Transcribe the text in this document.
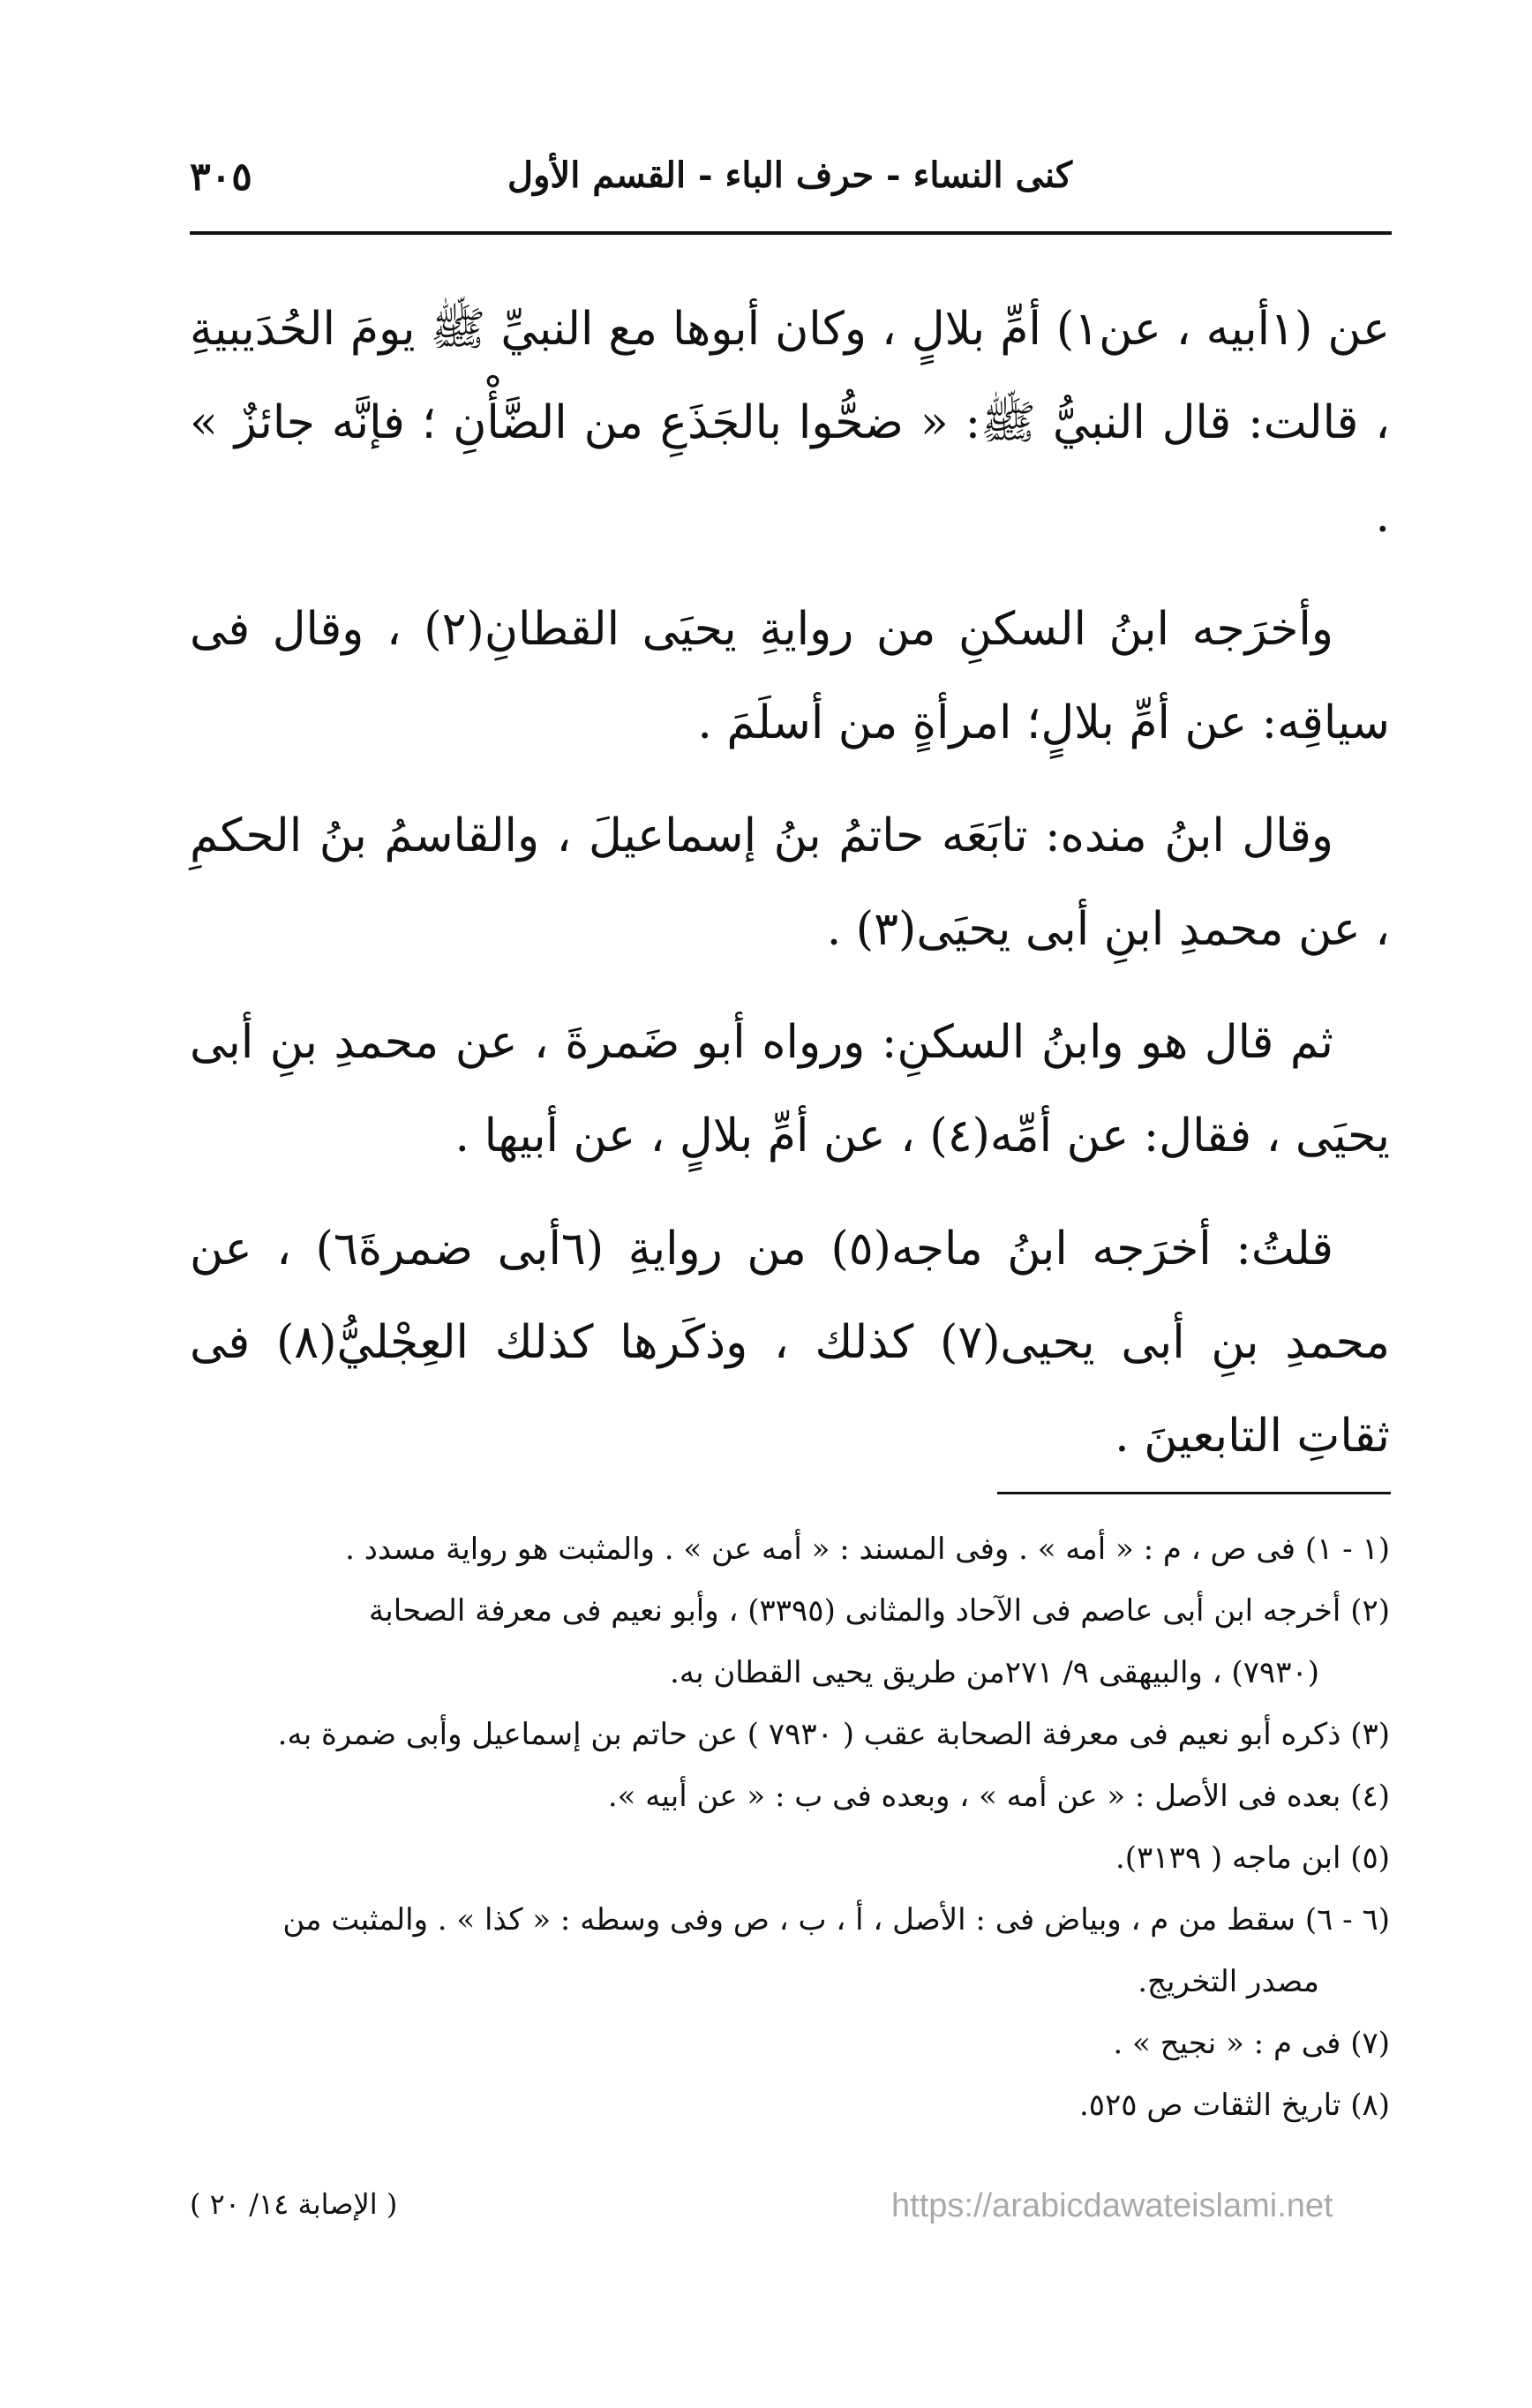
كنى النساء - حرف الباء - القسم الأول
٣٠٥

عن (١أبيه ، عن١) أمِّ بلالٍ ، وكان أبوها مع النبيِّ ﷺ يومَ الحُدَيبيةِ ، قالت: قال النبيُّ ﷺ: « ضحُّوا بالجَذَعِ من الضَّأْنِ ؛ فإنَّه جائزٌ » .

وأخرَجه ابنُ السكنِ من روايةِ يحيَى القطانِ(٢) ، وقال فى سياقِه: عن أمِّ بلالٍ؛ امرأةٍ من أسلَمَ .

وقال ابنُ منده: تابَعَه حاتمُ بنُ إسماعيلَ ، والقاسمُ بنُ الحكمِ ، عن محمدِ ابنِ أبى يحيَى(٣) .

ثم قال هو وابنُ السكنِ: ورواه أبو ضَمرةَ ، عن محمدِ بنِ أبى يحيَى ، فقال: عن أمِّه(٤) ، عن أمِّ بلالٍ ، عن أبيها .

قلتُ: أخرَجه ابنُ ماجه(٥) من روايةِ (٦أبى ضمرةَ٦) ، عن محمدِ بنِ أبى يحيى(٧) كذلك ، وذكَرها كذلك العِجْليُّ(٨) فى ثقاتِ التابعينَ .

(١ - ١) فى ص ، م : « أمه » . وفى المسند : « أمه عن » . والمثبت هو رواية مسدد .

(٢) أخرجه ابن أبى عاصم فى الآحاد والمثانى (٣٣٩٥) ، وأبو نعيم فى معرفة الصحابة

(٧٩٣٠) ، والبيهقى ٩/ ٢٧١من طريق يحيى القطان به.

(٣) ذكره أبو نعيم فى معرفة الصحابة عقب ( ٧٩٣٠ ) عن حاتم بن إسماعيل وأبى ضمرة به.

(٤) بعده فى الأصل : « عن أمه » ، وبعده فى ب : « عن أبيه ».

(٥) ابن ماجه ( ٣١٣٩).

(٦ - ٦) سقط من م ، وبياض فى : الأصل ، أ ، ب ، ص وفى وسطه : « كذا » . والمثبت من

مصدر التخريج.

(٧) فى م : « نجيح » .

(٨) تاريخ الثقات ص ٥٢٥.

( الإصابة ١٤/ ٢٠ )	https://arabicdawateislami.net
